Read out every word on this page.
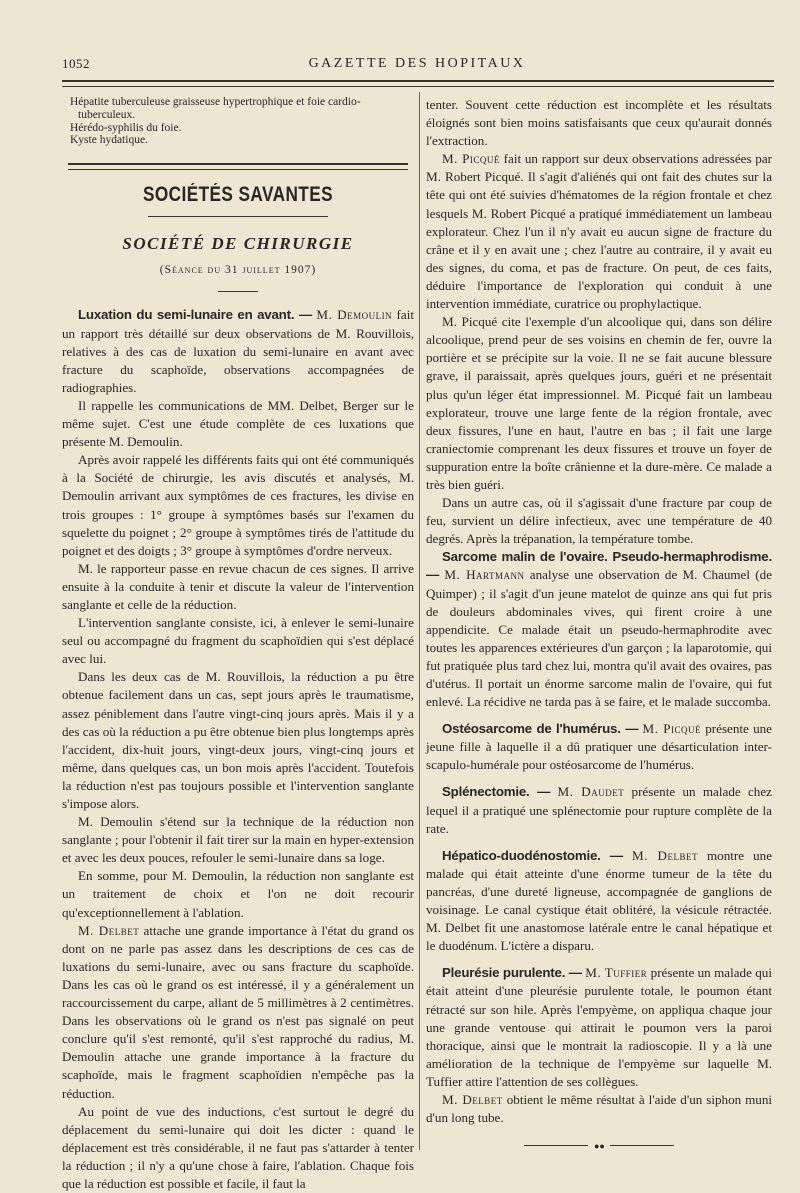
1052	GAZETTE DES HOPITAUX

Hépatite tuberculeuse graisseuse hypertrophique et foie cardio-

tuberculeux.

Hérédo-syphilis du foie.

Kyste hydatique.

SOCIÉTÉS SAVANTES
SOCIÉTÉ DE CHIRURGIE
(Séance du 31 juillet 1907)

Luxation du semi-lunaire en avant. — M. Demoulin fait un rapport très détaillé sur deux observations de M. Rouvillois, relatives à des cas de luxation du semi-lunaire en avant avec fracture du scaphoïde, observations accompagnées de radiographies.

Il rappelle les communications de MM. Delbet, Berger sur le même sujet. C'est une étude complète de ces luxations que présente M. Demoulin.

Après avoir rappelé les différents faits qui ont été communiqués à la Société de chirurgie, les avis discutés et analysés, M. Demoulin arrivant aux symptômes de ces fractures, les divise en trois groupes : 1° groupe à symptômes basés sur l'examen du squelette du poignet ; 2° groupe à symptômes tirés de l'attitude du poignet et des doigts ; 3° groupe à symptômes d'ordre nerveux.

M. le rapporteur passe en revue chacun de ces signes. Il arrive ensuite à la conduite à tenir et discute la valeur de l'intervention sanglante et celle de la réduction.

L'intervention sanglante consiste, ici, à enlever le semi-lunaire seul ou accompagné du fragment du scaphoïdien qui s'est déplacé avec lui.

Dans les deux cas de M. Rouvillois, la réduction a pu être obtenue facilement dans un cas, sept jours après le traumatisme, assez péniblement dans l'autre vingt-cinq jours après. Mais il y a des cas où la réduction a pu être obtenue bien plus longtemps après l'accident, dix-huit jours, vingt-deux jours, vingt-cinq jours et même, dans quelques cas, un bon mois après l'accident. Toutefois la réduction n'est pas toujours possible et l'intervention sanglante s'impose alors.

M. Demoulin s'étend sur la technique de la réduction non sanglante ; pour l'obtenir il fait tirer sur la main en hyper-extension et avec les deux pouces, refouler le semi-lunaire dans sa loge.

En somme, pour M. Demoulin, la réduction non sanglante est un traitement de choix et l'on ne doit recourir qu'exceptionnellement à l'ablation.

M. Delbet attache une grande importance à l'état du grand os dont on ne parle pas assez dans les descriptions de ces cas de luxations du semi-lunaire, avec ou sans fracture du scaphoïde. Dans les cas où le grand os est intéressé, il y a généralement un raccourcissement du carpe, allant de 5 millimètres à 2 centimètres. Dans les observations où le grand os n'est pas signalé on peut conclure qu'il s'est remonté, qu'il s'est rapproché du radius, M. Demoulin attache une grande importance à la fracture du scaphoïde, mais le fragment scaphoïdien n'empêche pas la réduction.

Au point de vue des inductions, c'est surtout le degré du déplacement du semi-lunaire qui doit les dicter : quand le déplacement est très considérable, il ne faut pas s'attarder à tenter la réduction ; il n'y a qu'une chose à faire, l'ablation. Chaque fois que la réduction est possible et facile, il faut la

tenter. Souvent cette réduction est incomplète et les résultats éloignés sont bien moins satisfaisants que ceux qu'aurait donnés l'extraction.

M. Picqué fait un rapport sur deux observations adressées par M. Robert Picqué. Il s'agit d'aliénés qui ont fait des chutes sur la tête qui ont été suivies d'hématomes de la région frontale et chez lesquels M. Robert Picqué a pratiqué immédiatement un lambeau explorateur. Chez l'un il n'y avait eu aucun signe de fracture du crâne et il y en avait une ; chez l'autre au contraire, il y avait eu des signes, du coma, et pas de fracture. On peut, de ces faits, déduire l'importance de l'exploration qui conduit à une intervention immédiate, curatrice ou prophylactique.

M. Picqué cite l'exemple d'un alcoolique qui, dans son délire alcoolique, prend peur de ses voisins en chemin de fer, ouvre la portière et se précipite sur la voie. Il ne se fait aucune blessure grave, il paraissait, après quelques jours, guéri et ne présentait plus qu'un léger état impressionnel. M. Picqué fait un lambeau explorateur, trouve une large fente de la région frontale, avec deux fissures, l'une en haut, l'autre en bas ; il fait une large craniectomie comprenant les deux fissures et trouve un foyer de suppuration entre la boîte crânienne et la dure-mère. Ce malade a très bien guéri.

Dans un autre cas, où il s'agissait d'une fracture par coup de feu, survient un délire infectieux, avec une température de 40 degrés. Après la trépanation, la température tombe.

Sarcome malin de l'ovaire. Pseudo-hermaphrodisme. — M. Hartmann analyse une observation de M. Chaumel (de Quimper) ; il s'agit d'un jeune matelot de quinze ans qui fut pris de douleurs abdominales vives, qui firent croire à une appendicite. Ce malade était un pseudo-hermaphrodite avec toutes les apparences extérieures d'un garçon ; la laparotomie, qui fut pratiquée plus tard chez lui, montra qu'il avait des ovaires, pas d'utérus. Il portait un énorme sarcome malin de l'ovaire, qui fut enlevé. La récidive ne tarda pas à se faire, et le malade succomba.

Ostéosarcome de l'humérus. — M. Picqué présente une jeune fille à laquelle il a dû pratiquer une désarticulation inter-scapulo-humérale pour ostéosarcome de l'humérus.

Splénectomie. — M. Daudet présente un malade chez lequel il a pratiqué une splénectomie pour rupture complète de la rate.

Hépatico-duodénostomie. — M. Delbet montre une malade qui était atteinte d'une énorme tumeur de la tête du pancréas, d'une dureté ligneuse, accompagnée de ganglions de voisinage. Le canal cystique était oblitéré, la vésicule rétractée. M. Delbet fit une anastomose latérale entre le canal hépatique et le duodénum. L'ictère a disparu.

Pleurésie purulente. — M. Tuffier présente un malade qui était atteint d'une pleurésie purulente totale, le poumon étant rétracté sur son hile. Après l'empyème, on appliqua chaque jour une grande ventouse qui attirait le poumon vers la paroi thoracique, ainsi que le montrait la radioscopie. Il y a là une amélioration de la technique de l'empyème sur laquelle M. Tuffier attire l'attention de ses collègues.

M. Delbet obtient le même résultat à l'aide d'un siphon muni d'un long tube.

●●
